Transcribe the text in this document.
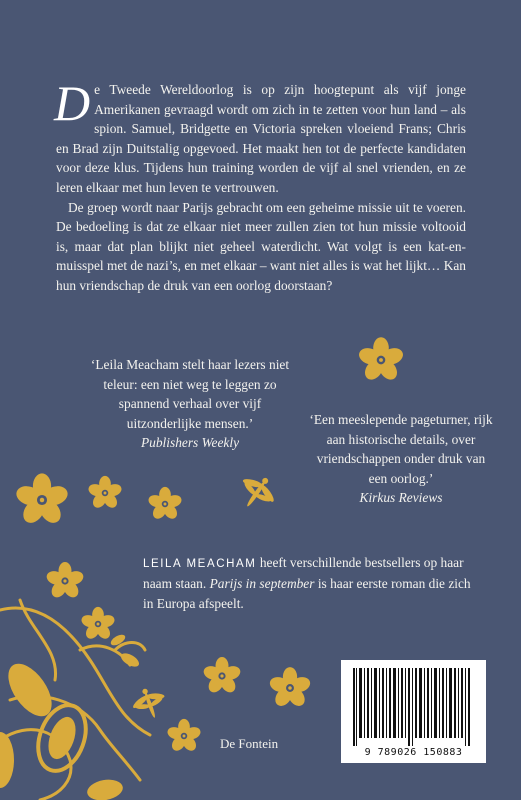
D e Tweede Wereldoorlog is op zijn hoogtepunt als vijf jonge Amerikanen gevraagd wordt om zich in te zetten voor hun land – als spion. Samuel, Bridgette en Victoria spreken vloeiend Frans; Chris en Brad zijn Duitstalig opgevoed. Het maakt hen tot de perfecte kandidaten voor deze klus. Tijdens hun training worden de vijf al snel vrienden, en ze leren elkaar met hun leven te vertrouwen.

De groep wordt naar Parijs gebracht om een geheime missie uit te voeren. De bedoeling is dat ze elkaar niet meer zullen zien tot hun missie voltooid is, maar dat plan blijkt niet geheel waterdicht. Wat volgt is een kat-en-muisspel met de nazi’s, en met elkaar – want niet alles is wat het lijkt… Kan hun vriendschap de druk van een oorlog doorstaan?

‘Leila Meacham stelt haar lezers niet teleur: een niet weg te leggen zo spannend verhaal over vijf uitzonderlijke mensen.’
Publishers Weekly
‘Een meeslepende pageturner, rijk aan historische details, over vriendschappen onder druk van een oorlog.’
Kirkus Reviews

LEILA MEACHAM heeft verschillende bestsellers op haar naam staan. Parijs in september is haar eerste roman die zich in Europa afspeelt.

De Fontein
9 789026 150883
